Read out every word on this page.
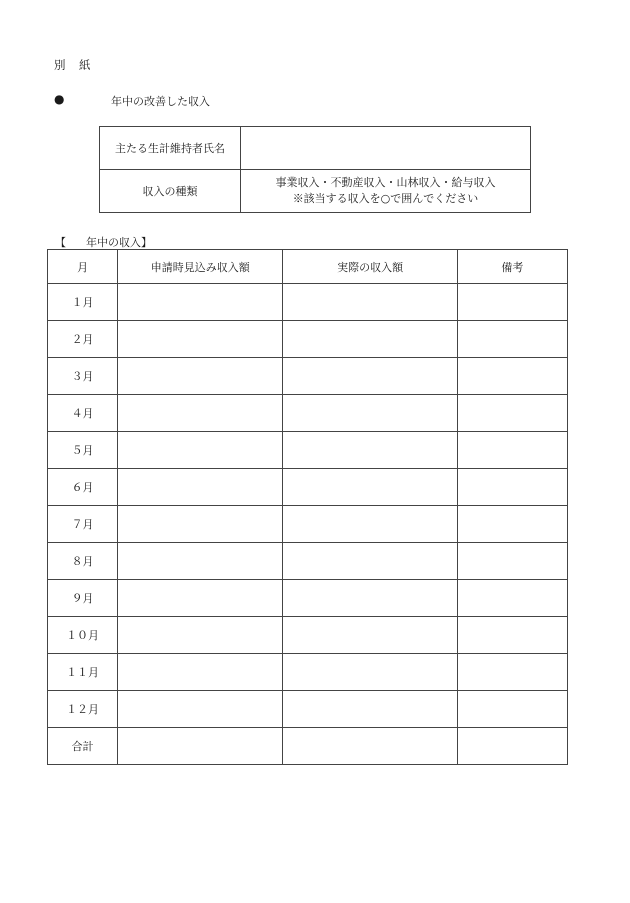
別　紙
●	年中の改善した収入
主たる生計維持者氏名	
収入の種類	事業収入・不動産収入・山林収入・給与収入
※該当する収入を○で囲んでください
【 年中の収入】
月	申請時見込み収入額	実際の収入額	備考
１月			
２月			
３月			
４月			
５月			
６月			
７月			
８月			
９月			
１０月			
１１月			
１２月			
合計			
